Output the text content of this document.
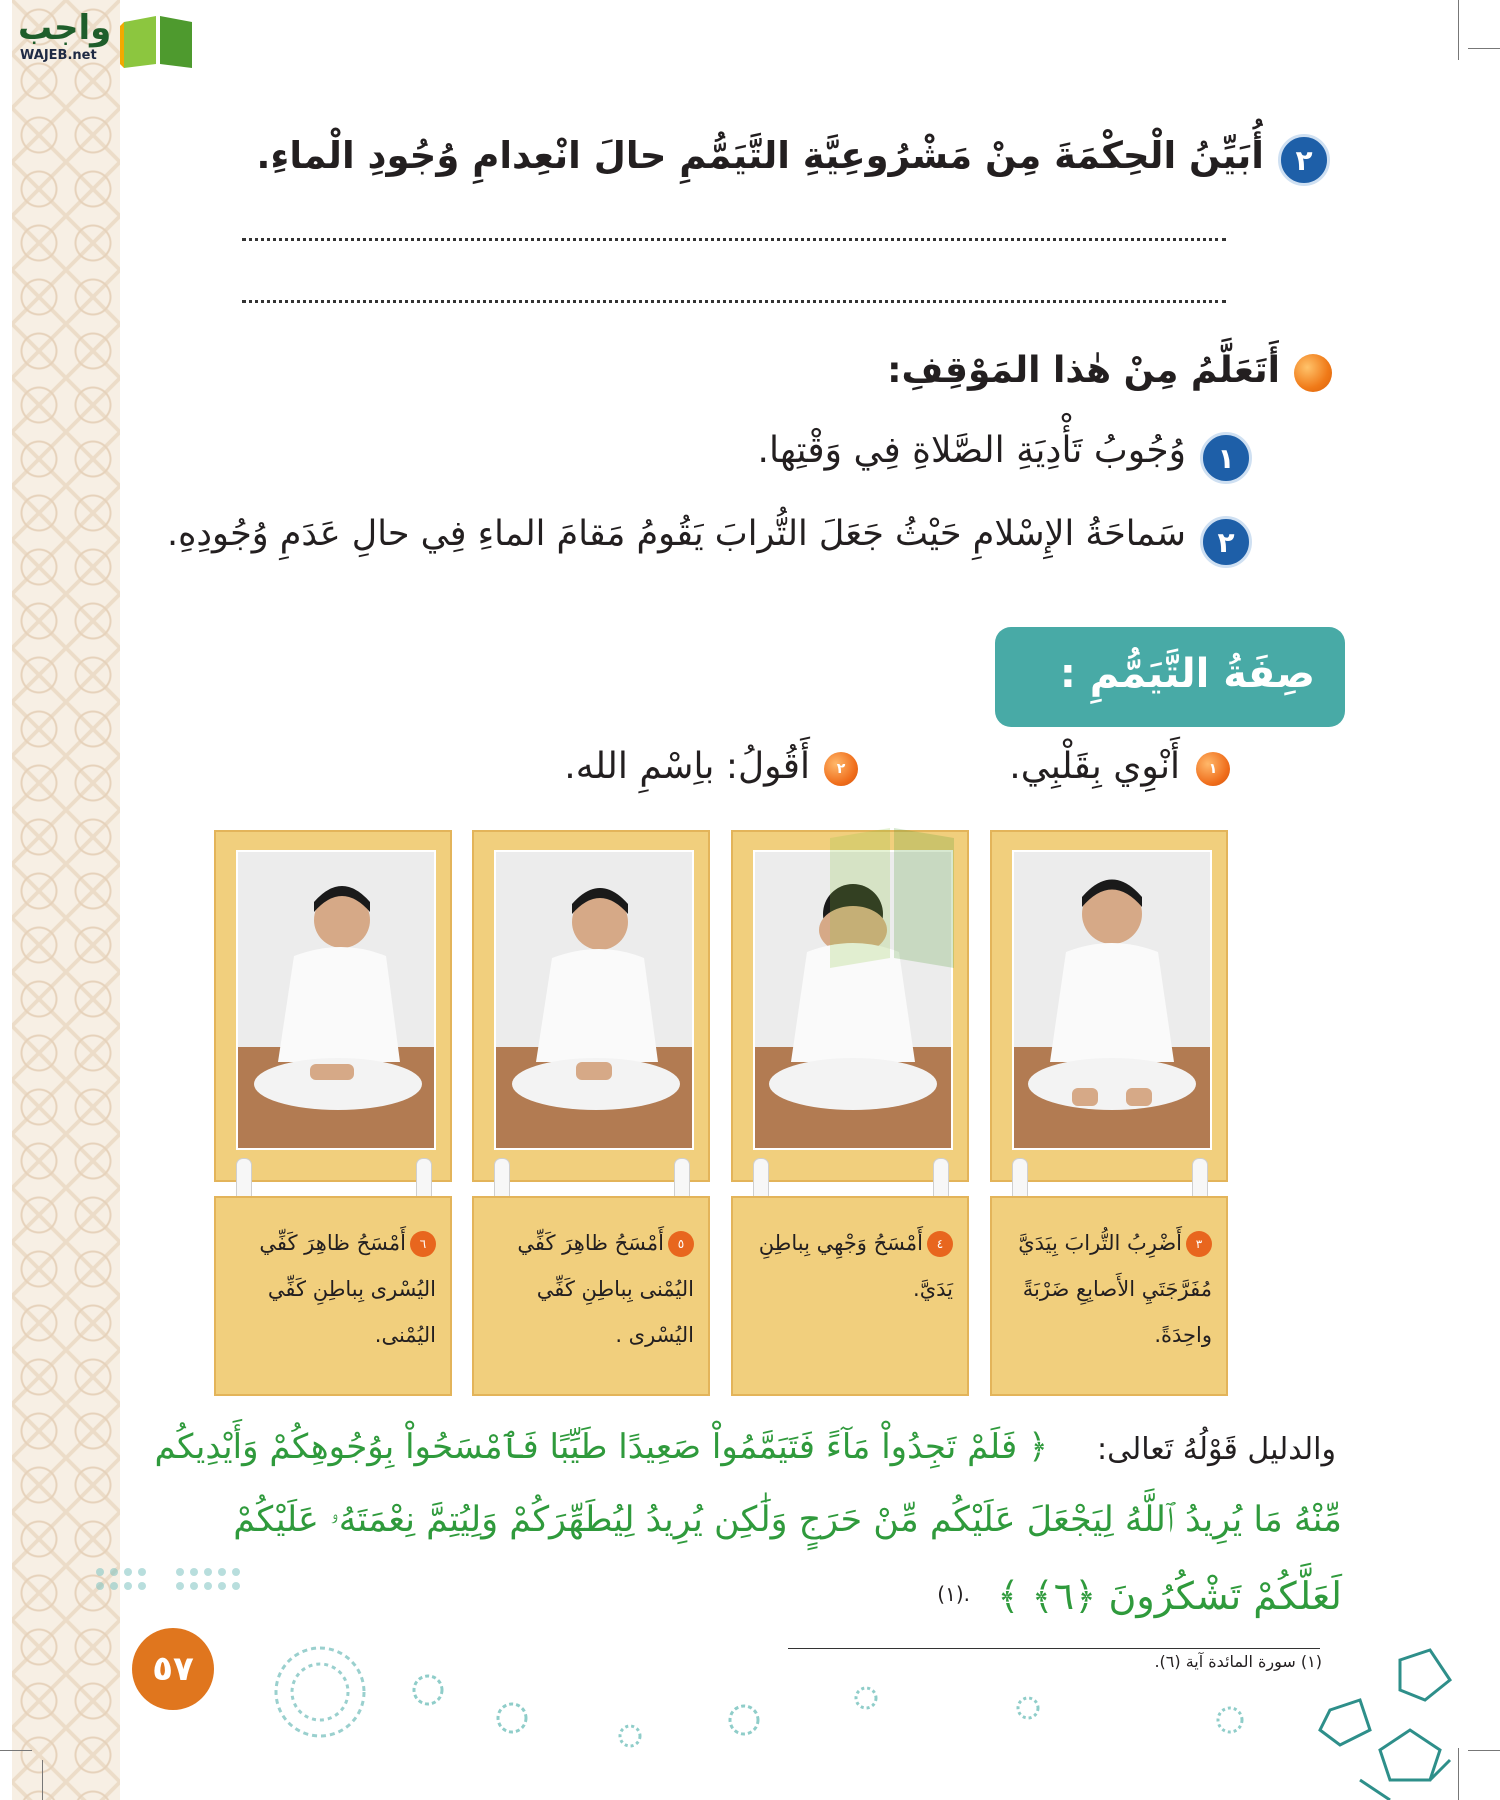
واجب
WAJEB.net
٢
أُبَيِّنُ الْحِكْمَةَ مِنْ مَشْرُوعِيَّةِ التَّيَمُّمِ حالَ انْعِدامِ وُجُودِ الْماءِ.
أَتَعَلَّمُ مِنْ هٰذا المَوْقِفِ:
١
وُجُوبُ تَأْدِيَةِ الصَّلاةِ فِي وَقْتِها.
٢
سَماحَةُ الإِسْلامِ حَيْثُ جَعَلَ التُّرابَ يَقُومُ مَقامَ الماءِ فِي حالِ عَدَمِ وُجُودِهِ.
صِفَةُ التَّيَمُّمِ :
١
أَنْوِي بِقَلْبِي.
٢
أَقُولُ: باِسْمِ الله.
٣أَضْرِبُ التُّرابَ بِيَدَيَّ
مُفَرَّجَتَيِ الأَصابِعِ ضَرْبَةً
واحِدَةً.
٤أَمْسَحُ وَجْهِي بِباطِنِ
يَدَيَّ.
٥أَمْسَحُ ظاهِرَ كَفِّي
اليُمْنى بِباطِنِ كَفِّي
اليُسْرى .
٦أَمْسَحُ ظاهِرَ كَفِّي
اليُسْرى بِباطِنِ كَفِّي
اليُمْنى.
والدليل قَوْلُهُ تَعالى:
﴿ فَلَمْ تَجِدُواْ مَآءً فَتَيَمَّمُواْ صَعِيدًا طَيِّبًا فَٱمْسَحُواْ بِوُجُوهِكُمْ وَأَيْدِيكُم
مِّنْهُ مَا يُرِيدُ ٱللَّهُ لِيَجْعَلَ عَلَيْكُم مِّنْ حَرَجٍ وَلَٰكِن يُرِيدُ لِيُطَهِّرَكُمْ وَلِيُتِمَّ نِعْمَتَهُۥ عَلَيْكُمْ
لَعَلَّكُمْ تَشْكُرُونَ ﴿٦﴾ ﴾
(١).
(١) سورة المائدة آية (٦).
٥٧
